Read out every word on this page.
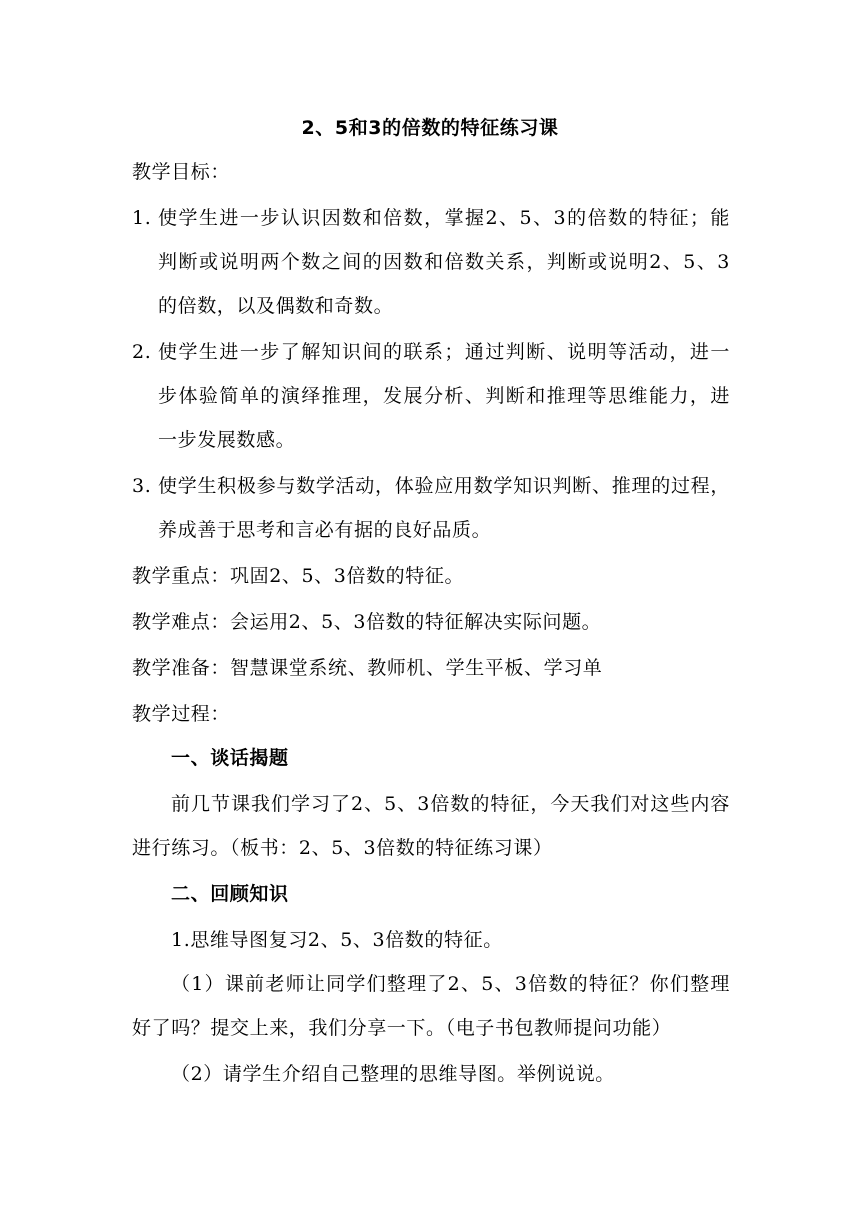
2、5和3的倍数的特征练习课
教学目标：
1. 使学生进一步认识因数和倍数，掌握2、5、3的倍数的特征；能
判断或说明两个数之间的因数和倍数关系，判断或说明2、5、3
的倍数，以及偶数和奇数。
2. 使学生进一步了解知识间的联系；通过判断、说明等活动，进一
步体验简单的演绎推理，发展分析、判断和推理等思维能力，进
一步发展数感。
3. 使学生积极参与数学活动，体验应用数学知识判断、推理的过程，
养成善于思考和言必有据的良好品质。
教学重点：巩固2、5、3倍数的特征。
教学难点：会运用2、5、3倍数的特征解决实际问题。
教学准备：智慧课堂系统、教师机、学生平板、学习单
教学过程：
一、谈话揭题
前几节课我们学习了2、5、3倍数的特征，今天我们对这些内容
进行练习。（板书：2、5、3倍数的特征练习课）
二、回顾知识
1.思维导图复习2、5、3倍数的特征。
（1）课前老师让同学们整理了2、5、3倍数的特征？你们整理
好了吗？提交上来，我们分享一下。（电子书包教师提问功能）
（2）请学生介绍自己整理的思维导图。举例说说。
